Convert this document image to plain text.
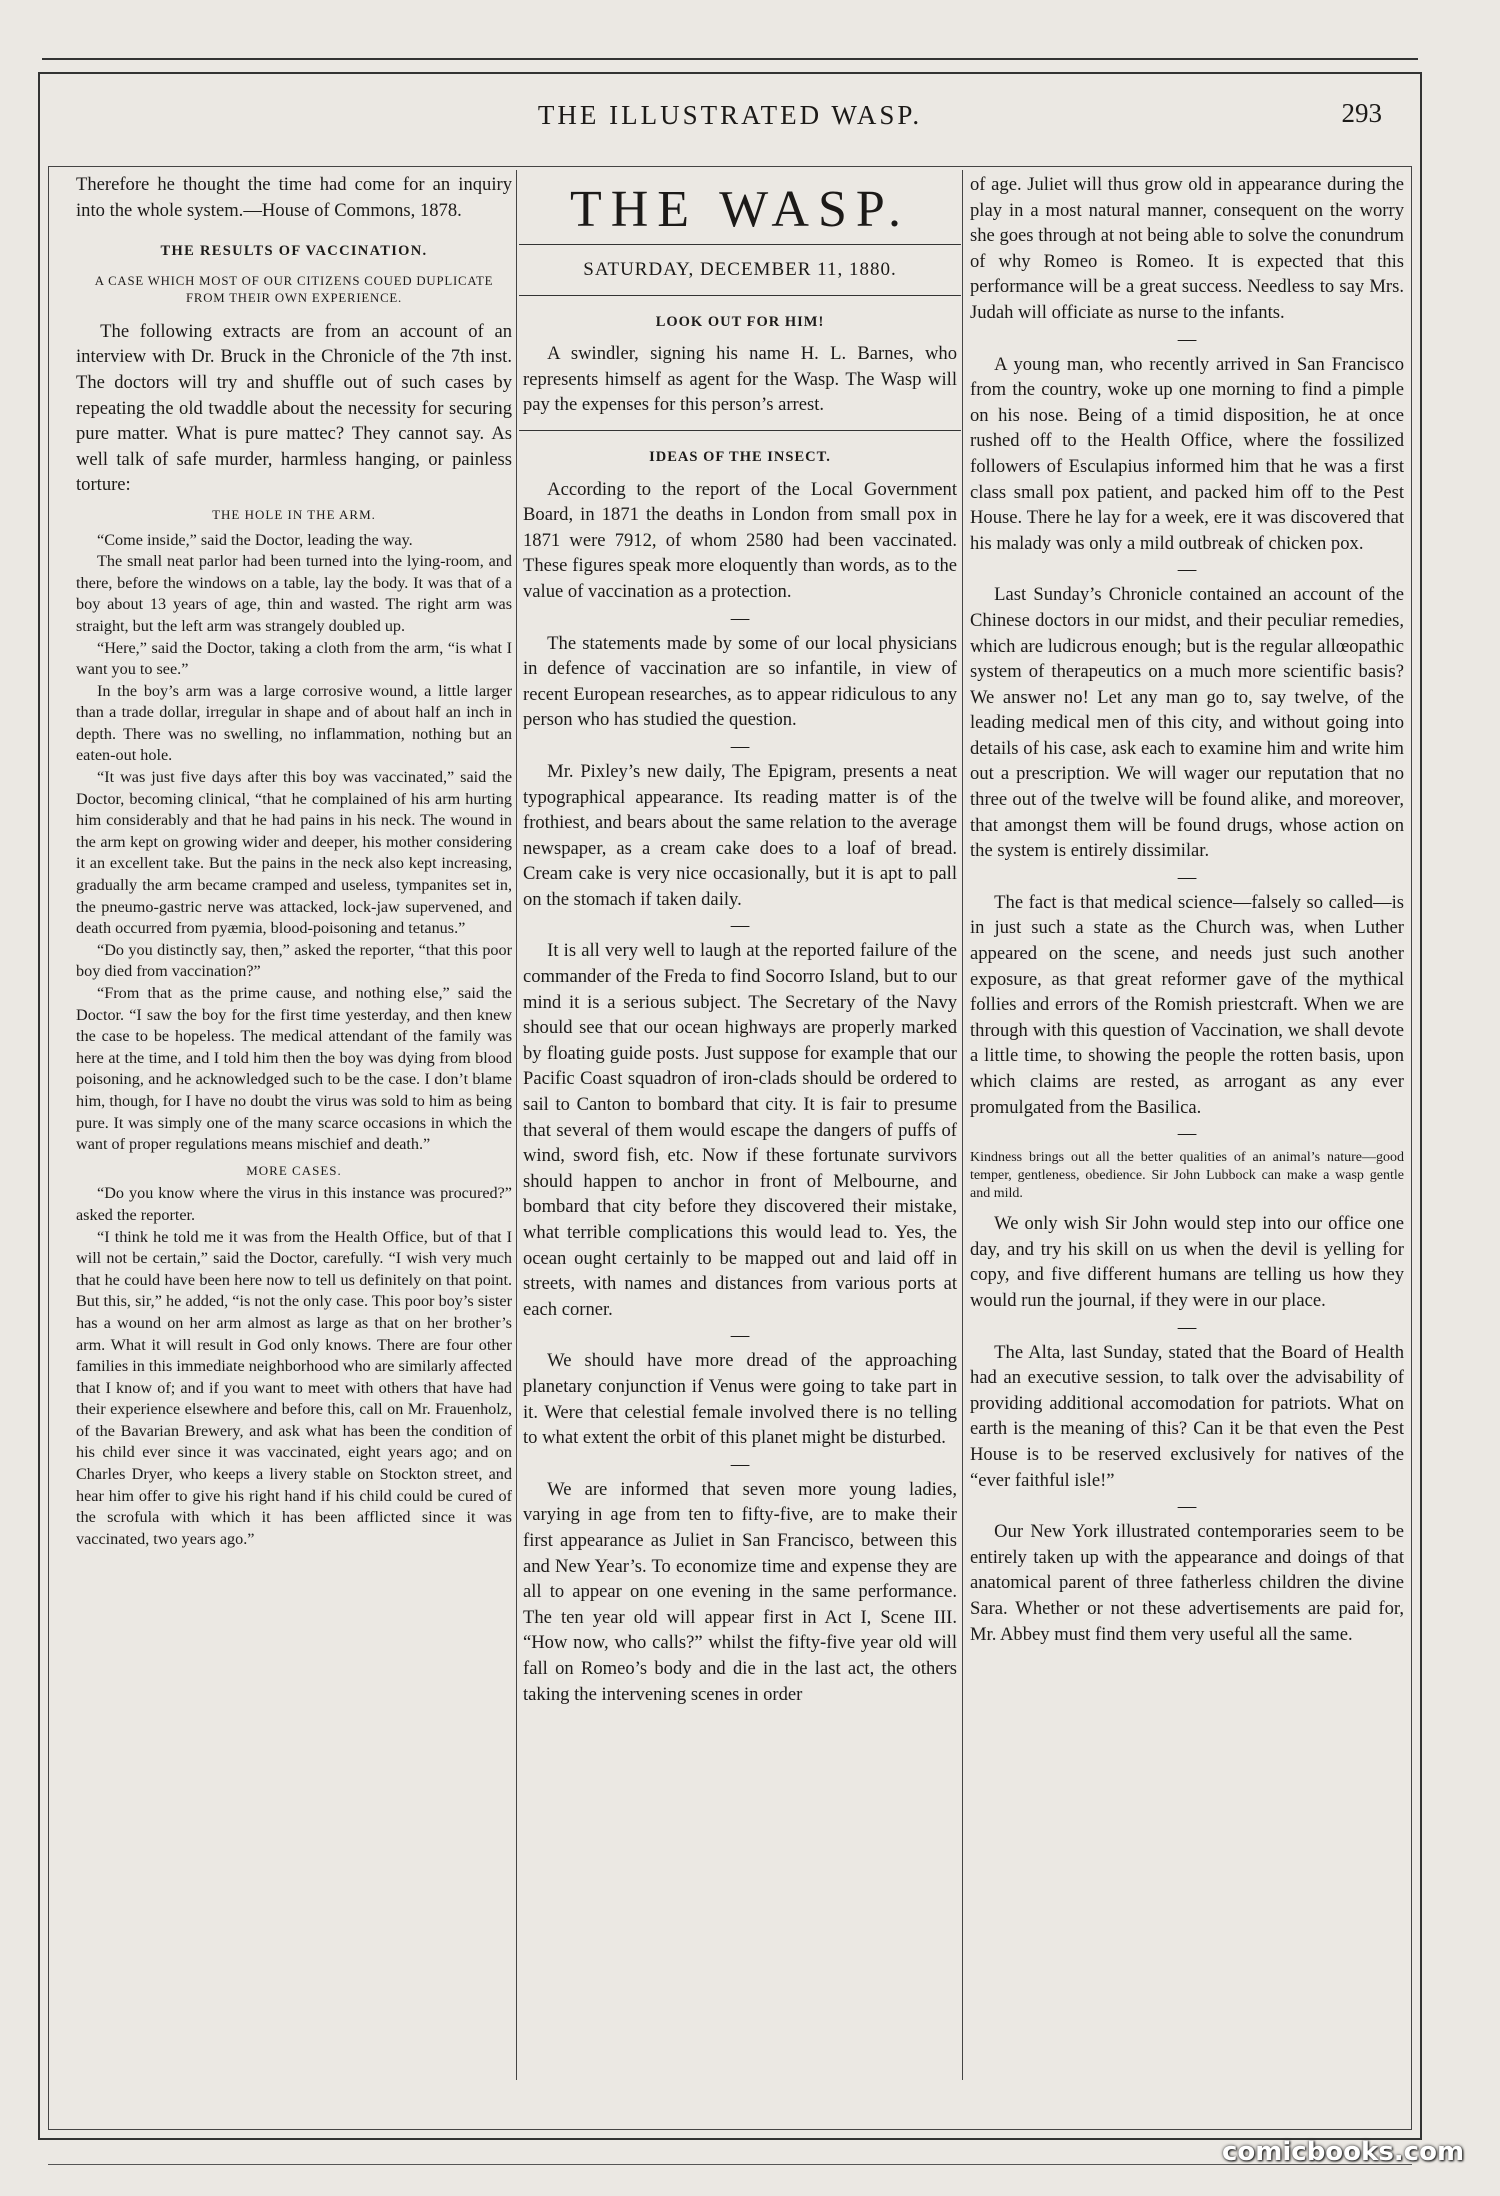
THE ILLUSTRATED WASP.	293

Therefore he thought the time had come for an inquiry into the whole system.—House of Commons, 1878.

THE RESULTS OF VACCINATION.
A CASE WHICH MOST OF OUR CITIZENS COUED DUPLICATE FROM THEIR OWN EXPERIENCE.

The following extracts are from an account of an interview with Dr. Bruck in the Chronicle of the 7th inst. The doctors will try and shuffle out of such cases by repeating the old twaddle about the necessity for securing pure matter. What is pure mattec? They cannot say. As well talk of safe murder, harmless hanging, or painless torture:

THE HOLE IN THE ARM.

“Come inside,” said the Doctor, leading the way.

The small neat parlor had been turned into the lying-room, and there, before the windows on a table, lay the body. It was that of a boy about 13 years of age, thin and wasted. The right arm was straight, but the left arm was strangely doubled up.

“Here,” said the Doctor, taking a cloth from the arm, “is what I want you to see.”

In the boy’s arm was a large corrosive wound, a little larger than a trade dollar, irregular in shape and of about half an inch in depth. There was no swelling, no inflammation, nothing but an eaten-out hole.

“It was just five days after this boy was vaccinated,” said the Doctor, becoming clinical, “that he complained of his arm hurting him considerably and that he had pains in his neck. The wound in the arm kept on growing wider and deeper, his mother considering it an excellent take. But the pains in the neck also kept increasing, gradually the arm became cramped and useless, tympanites set in, the pneumo-gastric nerve was attacked, lock-jaw supervened, and death occurred from pyæmia, blood-poisoning and tetanus.”

“Do you distinctly say, then,” asked the reporter, “that this poor boy died from vaccination?”

“From that as the prime cause, and nothing else,” said the Doctor. “I saw the boy for the first time yesterday, and then knew the case to be hopeless. The medical attendant of the family was here at the time, and I told him then the boy was dying from blood poisoning, and he acknowledged such to be the case. I don’t blame him, though, for I have no doubt the virus was sold to him as being pure. It was simply one of the many scarce occasions in which the want of proper regulations means mischief and death.”

MORE CASES.

“Do you know where the virus in this instance was procured?” asked the reporter.

“I think he told me it was from the Health Office, but of that I will not be certain,” said the Doctor, carefully. “I wish very much that he could have been here now to tell us definitely on that point. But this, sir,” he added, “is not the only case. This poor boy’s sister has a wound on her arm almost as large as that on her brother’s arm. What it will result in God only knows. There are four other families in this immediate neighborhood who are similarly affected that I know of; and if you want to meet with others that have had their experience elsewhere and before this, call on Mr. Frauenholz, of the Bavarian Brewery, and ask what has been the condition of his child ever since it was vaccinated, eight years ago; and on Charles Dryer, who keeps a livery stable on Stockton street, and hear him offer to give his right hand if his child could be cured of the scrofula with which it has been afflicted since it was vaccinated, two years ago.”

THE WASP.
SATURDAY, DECEMBER 11, 1880.
LOOK OUT FOR HIM!

A swindler, signing his name H. L. Barnes, who represents himself as agent for the Wasp. The Wasp will pay the expenses for this person’s arrest.

IDEAS OF THE INSECT.

According to the report of the Local Government Board, in 1871 the deaths in London from small pox in 1871 were 7912, of whom 2580 had been vaccinated. These figures speak more eloquently than words, as to the value of vaccination as a protection.

—

The statements made by some of our local physicians in defence of vaccination are so infantile, in view of recent European researches, as to appear ridiculous to any person who has studied the question.

—

Mr. Pixley’s new daily, The Epigram, presents a neat typographical appearance. Its reading matter is of the frothiest, and bears about the same relation to the average newspaper, as a cream cake does to a loaf of bread. Cream cake is very nice occasionally, but it is apt to pall on the stomach if taken daily.

—

It is all very well to laugh at the reported failure of the commander of the Freda to find Socorro Island, but to our mind it is a serious subject. The Secretary of the Navy should see that our ocean highways are properly marked by floating guide posts. Just suppose for example that our Pacific Coast squadron of iron-clads should be ordered to sail to Canton to bombard that city. It is fair to presume that several of them would escape the dangers of puffs of wind, sword fish, etc. Now if these fortunate survivors should happen to anchor in front of Melbourne, and bombard that city before they discovered their mistake, what terrible complications this would lead to. Yes, the ocean ought certainly to be mapped out and laid off in streets, with names and distances from various ports at each corner.

—

We should have more dread of the approaching planetary conjunction if Venus were going to take part in it. Were that celestial female involved there is no telling to what extent the orbit of this planet might be disturbed.

—

We are informed that seven more young ladies, varying in age from ten to fifty-five, are to make their first appearance as Juliet in San Francisco, between this and New Year’s. To economize time and expense they are all to appear on one evening in the same performance. The ten year old will appear first in Act I, Scene III. “How now, who calls?” whilst the fifty-five year old will fall on Romeo’s body and die in the last act, the others taking the intervening scenes in order

of age. Juliet will thus grow old in appearance during the play in a most natural manner, consequent on the worry she goes through at not being able to solve the conundrum of why Romeo is Romeo. It is expected that this performance will be a great success. Needless to say Mrs. Judah will officiate as nurse to the infants.

—

A young man, who recently arrived in San Francisco from the country, woke up one morning to find a pimple on his nose. Being of a timid disposition, he at once rushed off to the Health Office, where the fossilized followers of Esculapius informed him that he was a first class small pox patient, and packed him off to the Pest House. There he lay for a week, ere it was discovered that his malady was only a mild outbreak of chicken pox.

—

Last Sunday’s Chronicle contained an account of the Chinese doctors in our midst, and their peculiar remedies, which are ludicrous enough; but is the regular allœopathic system of therapeutics on a much more scientific basis? We answer no! Let any man go to, say twelve, of the leading medical men of this city, and without going into details of his case, ask each to examine him and write him out a prescription. We will wager our reputation that no three out of the twelve will be found alike, and moreover, that amongst them will be found drugs, whose action on the system is entirely dissimilar.

—

The fact is that medical science—falsely so called—is in just such a state as the Church was, when Luther appeared on the scene, and needs just such another exposure, as that great reformer gave of the mythical follies and errors of the Romish priestcraft. When we are through with this question of Vaccination, we shall devote a little time, to showing the people the rotten basis, upon which claims are rested, as arrogant as any ever promulgated from the Basilica.

—
Kindness brings out all the better qualities of an animal’s nature—good temper, gentleness, obedience. Sir John Lubbock can make a wasp gentle and mild.

We only wish Sir John would step into our office one day, and try his skill on us when the devil is yelling for copy, and five different humans are telling us how they would run the journal, if they were in our place.

—

The Alta, last Sunday, stated that the Board of Health had an executive session, to talk over the advisability of providing additional accomodation for patriots. What on earth is the meaning of this? Can it be that even the Pest House is to be reserved exclusively for natives of the “ever faithful isle!”

—

Our New York illustrated contemporaries seem to be entirely taken up with the appearance and doings of that anatomical parent of three fatherless children the divine Sara. Whether or not these advertisements are paid for, Mr. Abbey must find them very useful all the same.

comicbooks.com
